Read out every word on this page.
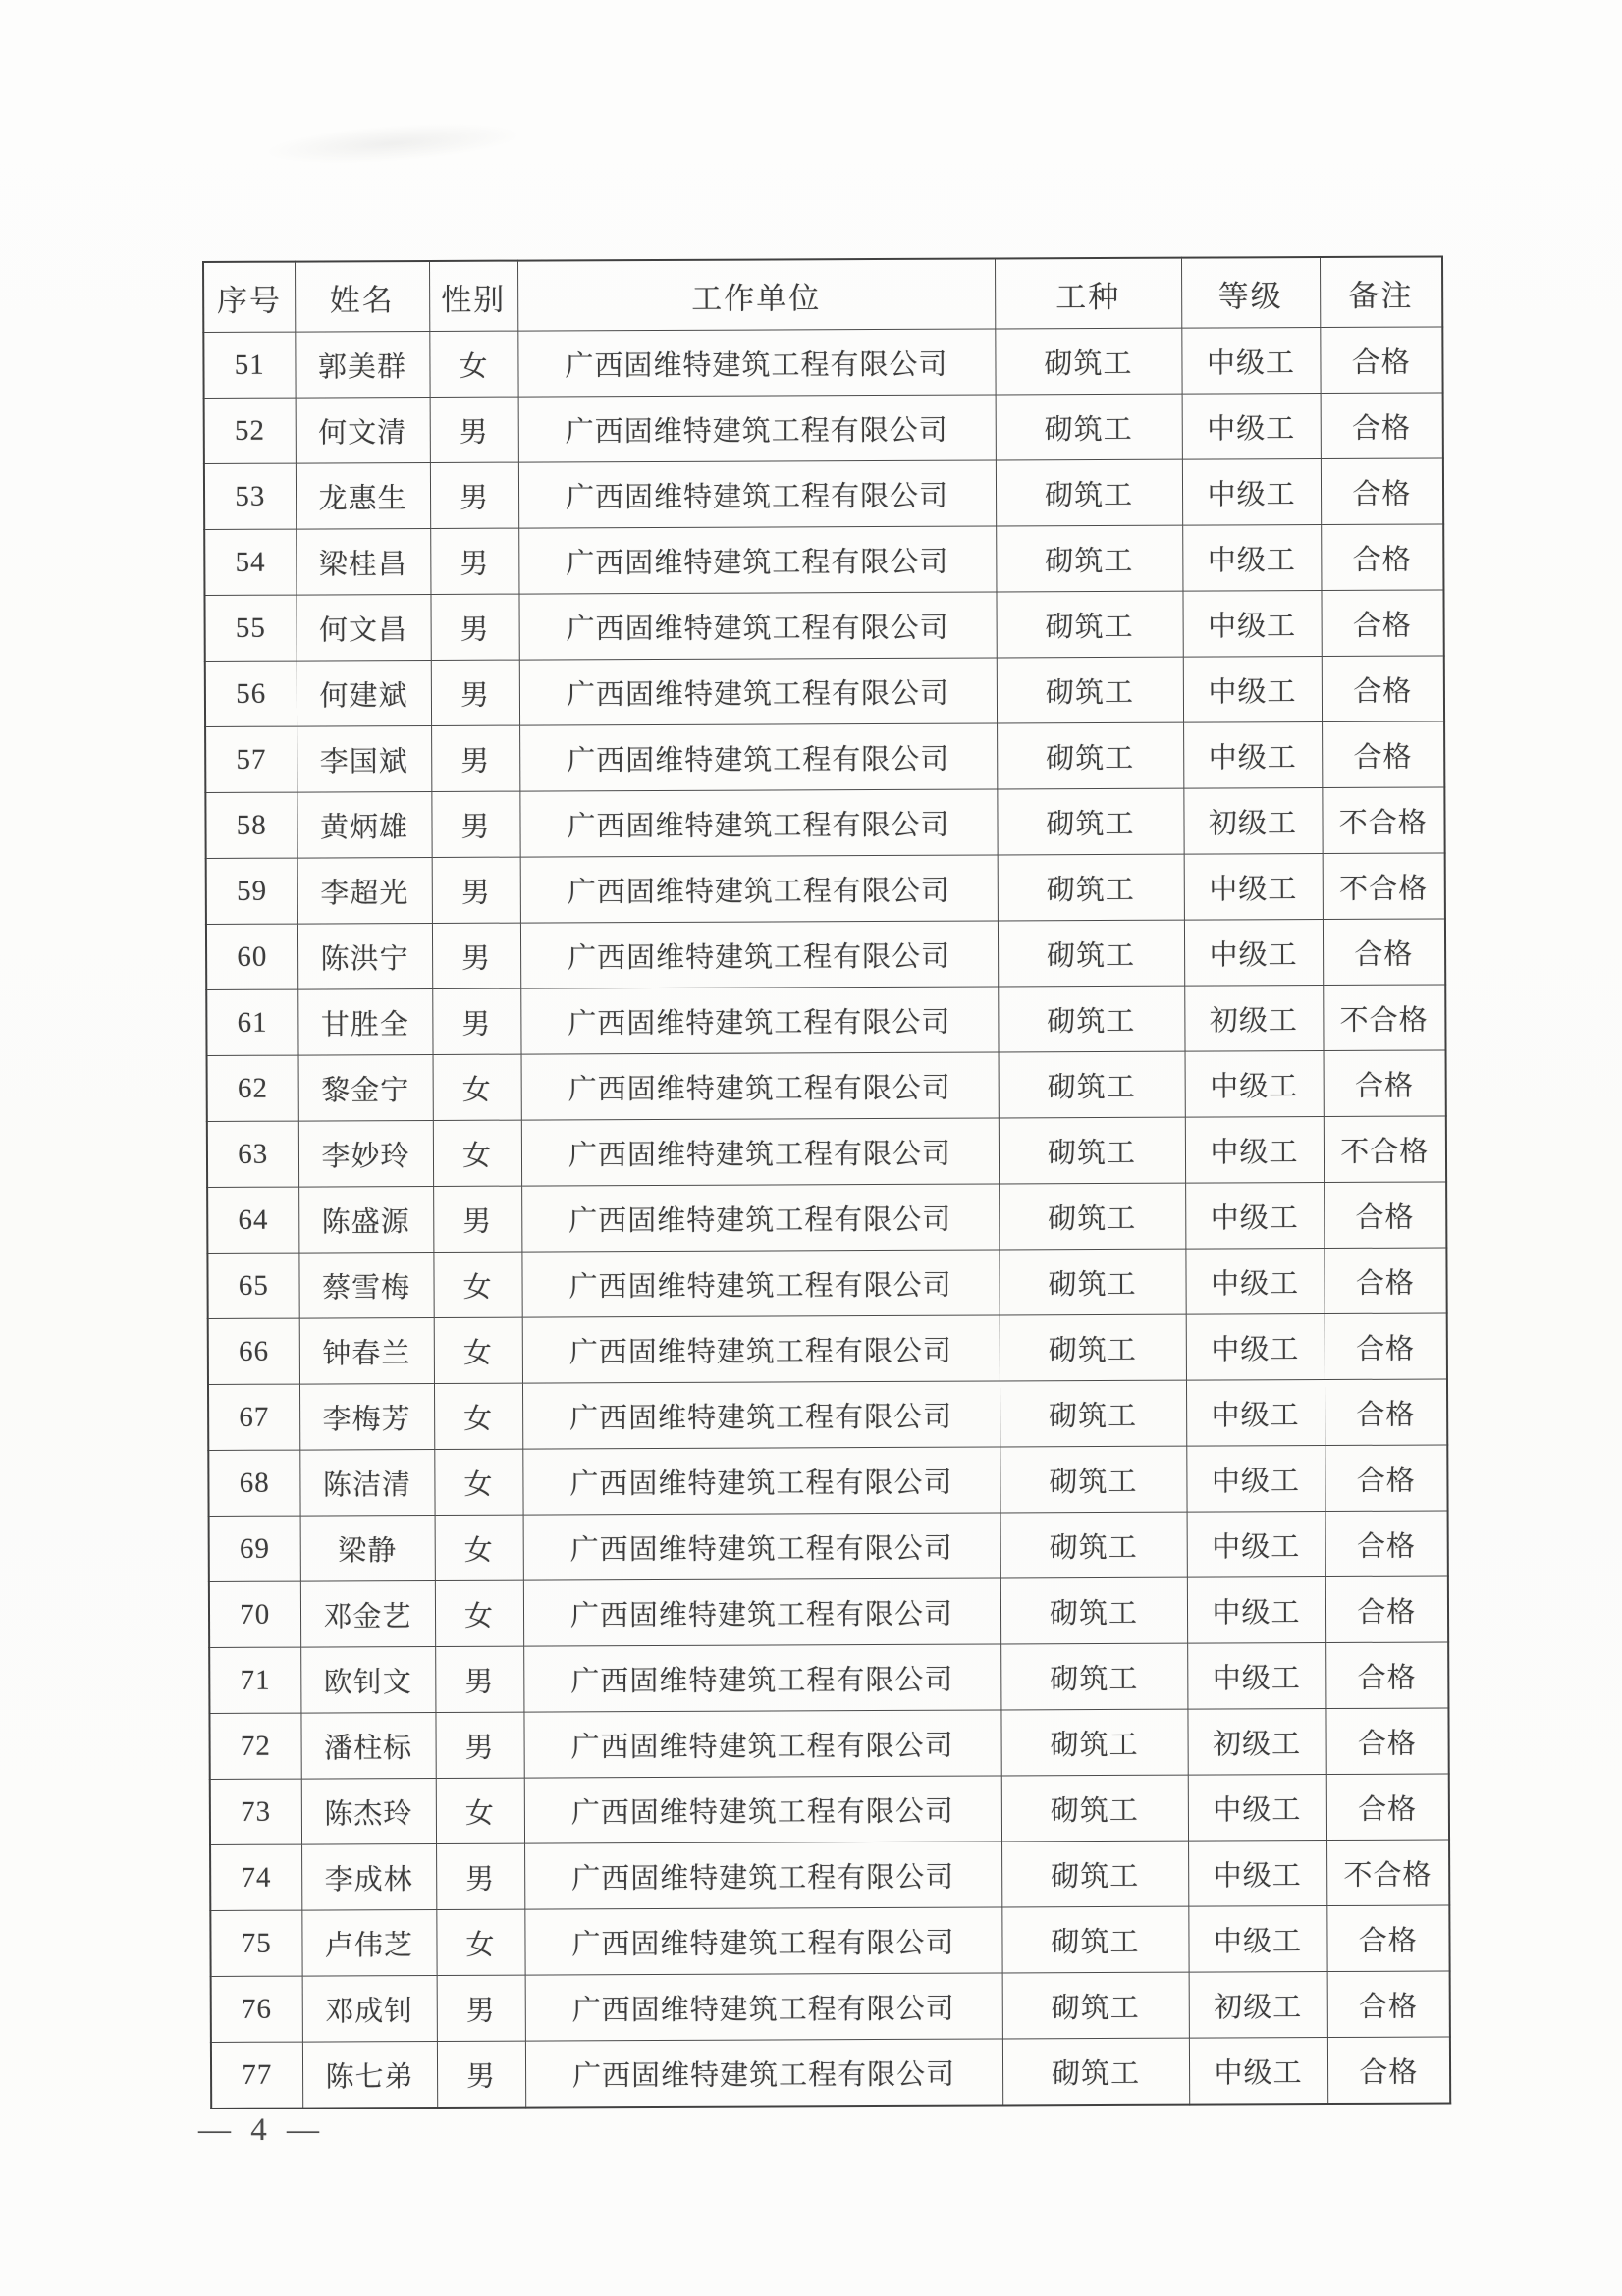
序号	姓名	性别	工作单位	工种	等级	备注
51	郭美群	女	广西固维特建筑工程有限公司	砌筑工	中级工	合格
52	何文清	男	广西固维特建筑工程有限公司	砌筑工	中级工	合格
53	龙惠生	男	广西固维特建筑工程有限公司	砌筑工	中级工	合格
54	梁桂昌	男	广西固维特建筑工程有限公司	砌筑工	中级工	合格
55	何文昌	男	广西固维特建筑工程有限公司	砌筑工	中级工	合格
56	何建斌	男	广西固维特建筑工程有限公司	砌筑工	中级工	合格
57	李国斌	男	广西固维特建筑工程有限公司	砌筑工	中级工	合格
58	黄炳雄	男	广西固维特建筑工程有限公司	砌筑工	初级工	不合格
59	李超光	男	广西固维特建筑工程有限公司	砌筑工	中级工	不合格
60	陈洪宁	男	广西固维特建筑工程有限公司	砌筑工	中级工	合格
61	甘胜全	男	广西固维特建筑工程有限公司	砌筑工	初级工	不合格
62	黎金宁	女	广西固维特建筑工程有限公司	砌筑工	中级工	合格
63	李妙玲	女	广西固维特建筑工程有限公司	砌筑工	中级工	不合格
64	陈盛源	男	广西固维特建筑工程有限公司	砌筑工	中级工	合格
65	蔡雪梅	女	广西固维特建筑工程有限公司	砌筑工	中级工	合格
66	钟春兰	女	广西固维特建筑工程有限公司	砌筑工	中级工	合格
67	李梅芳	女	广西固维特建筑工程有限公司	砌筑工	中级工	合格
68	陈洁清	女	广西固维特建筑工程有限公司	砌筑工	中级工	合格
69	梁静	女	广西固维特建筑工程有限公司	砌筑工	中级工	合格
70	邓金艺	女	广西固维特建筑工程有限公司	砌筑工	中级工	合格
71	欧钊文	男	广西固维特建筑工程有限公司	砌筑工	中级工	合格
72	潘柱标	男	广西固维特建筑工程有限公司	砌筑工	初级工	合格
73	陈杰玲	女	广西固维特建筑工程有限公司	砌筑工	中级工	合格
74	李成林	男	广西固维特建筑工程有限公司	砌筑工	中级工	不合格
75	卢伟芝	女	广西固维特建筑工程有限公司	砌筑工	中级工	合格
76	邓成钊	男	广西固维特建筑工程有限公司	砌筑工	初级工	合格
77	陈七弟	男	广西固维特建筑工程有限公司	砌筑工	中级工	合格
— 4 —
